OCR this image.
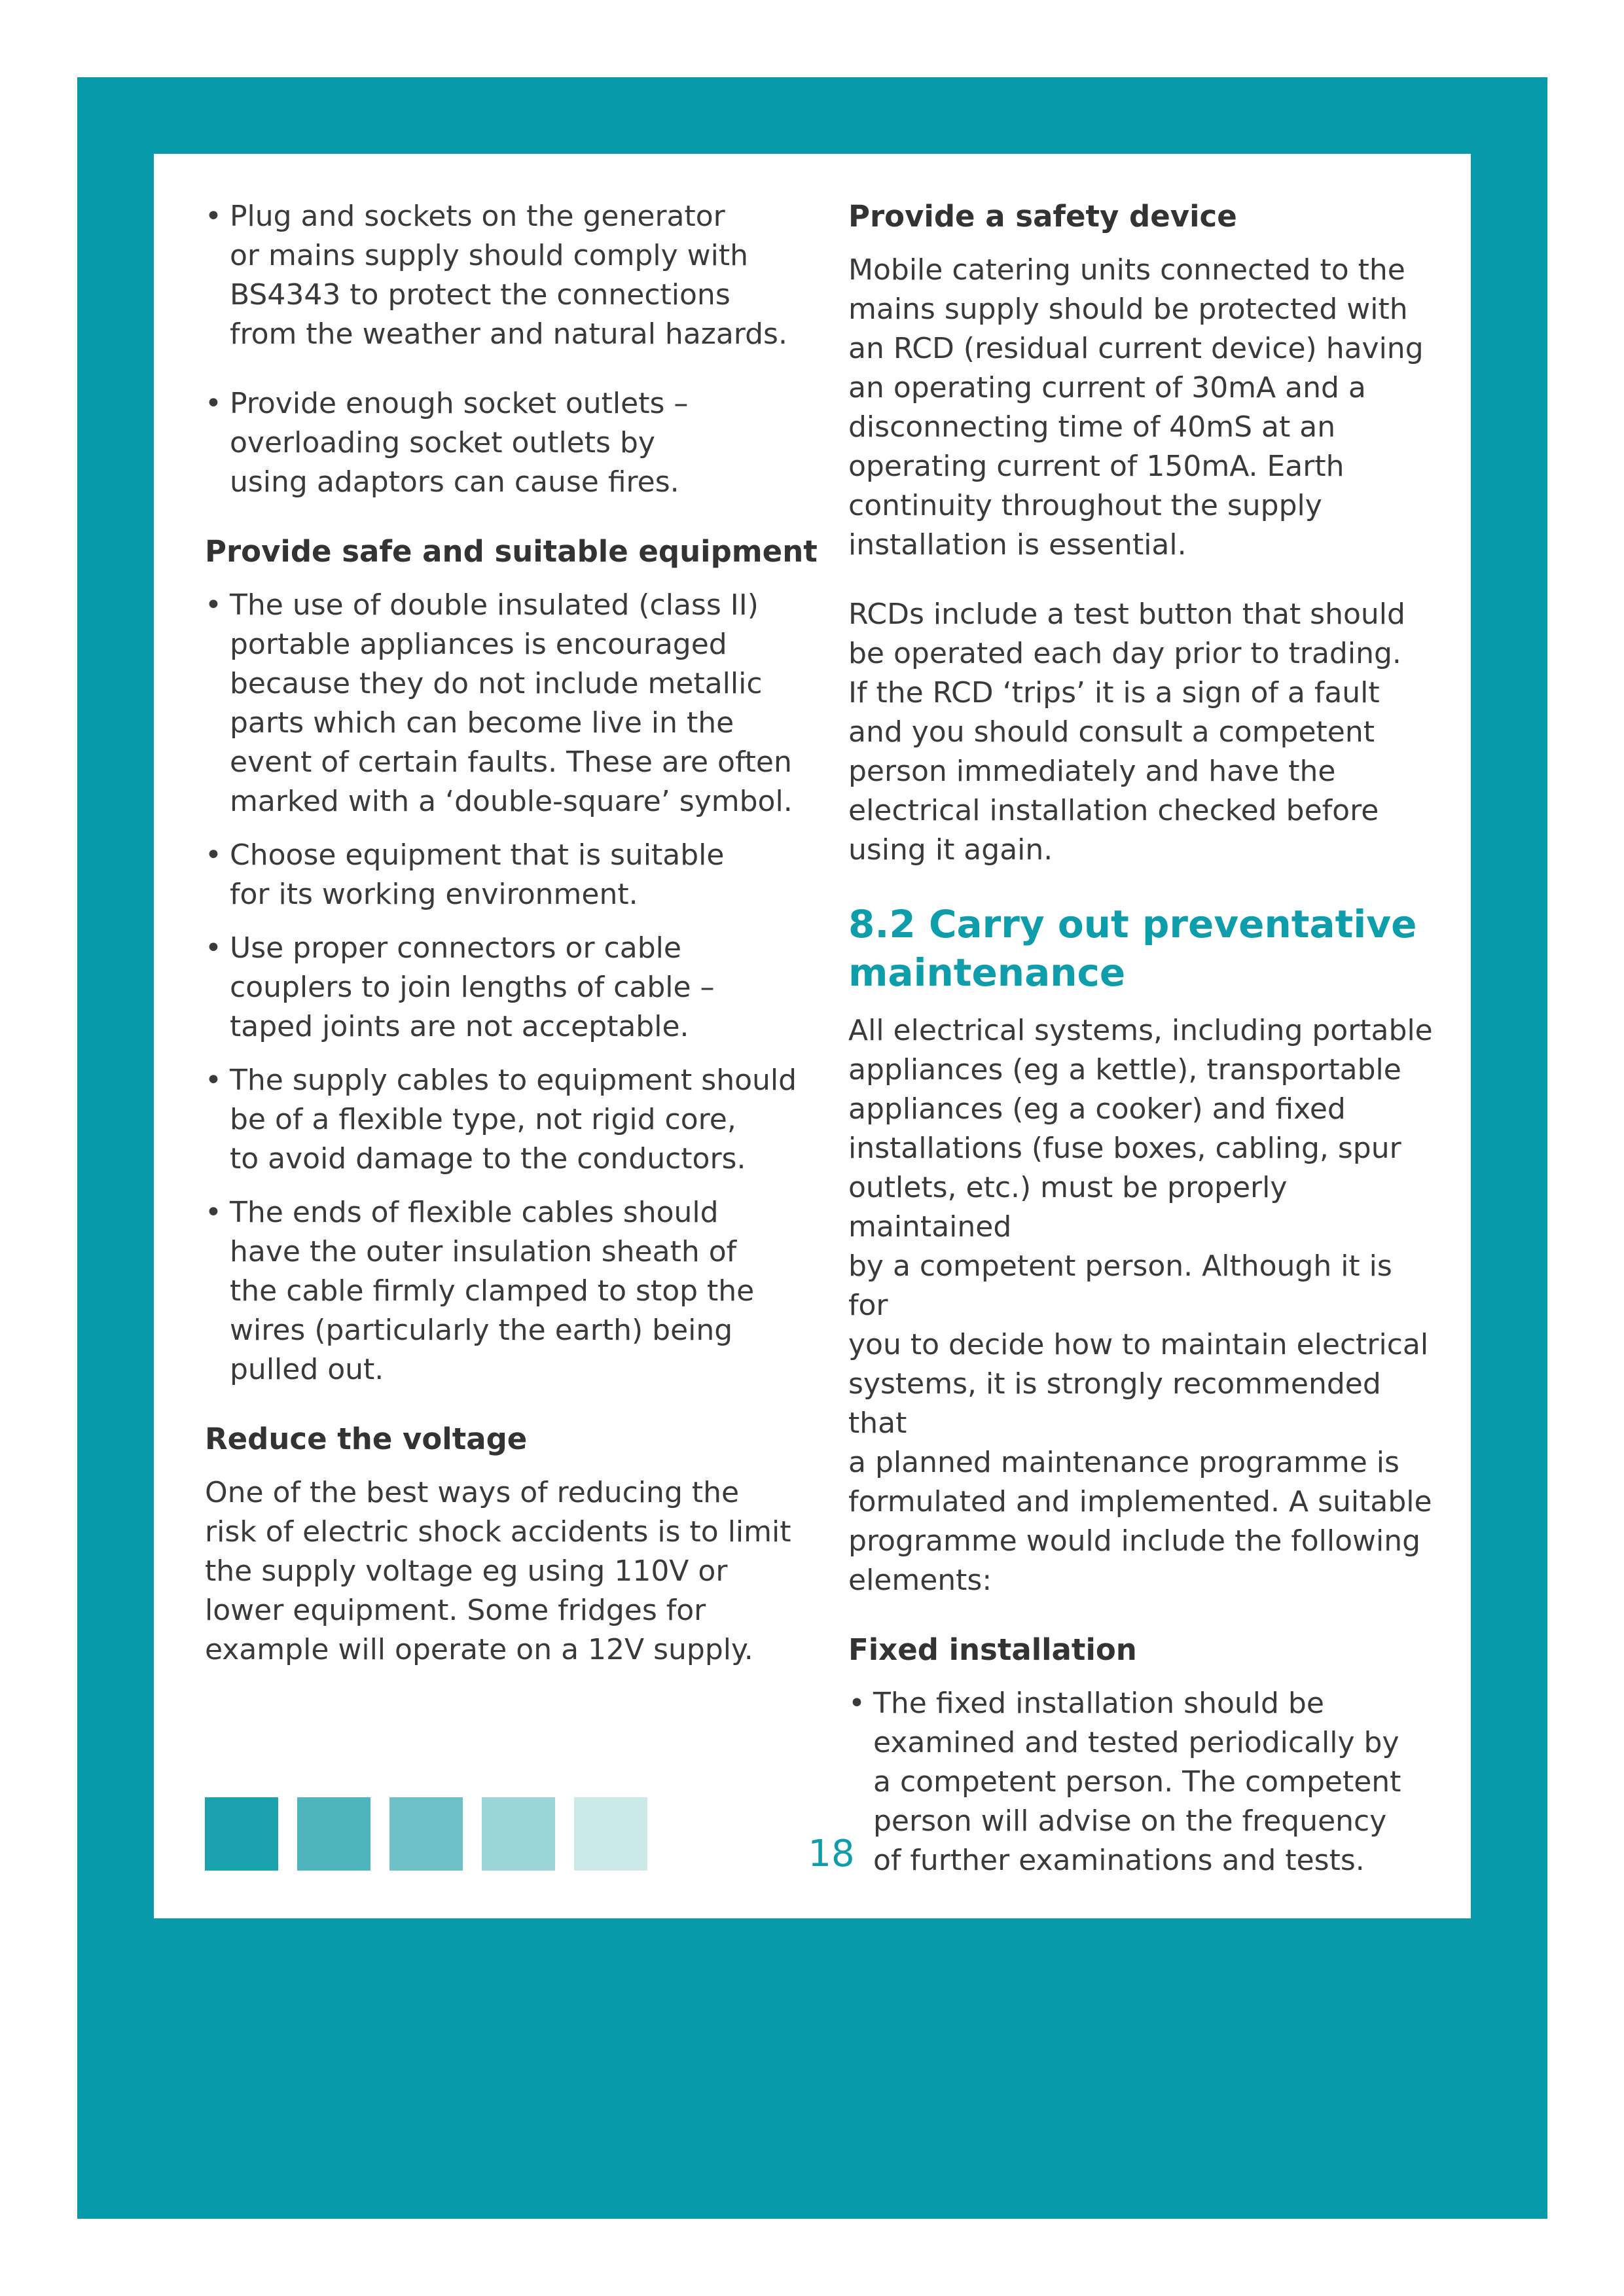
• Plug and sockets on the generator
or mains supply should comply with
BS4343 to protect the connections
from the weather and natural hazards.
• Provide enough socket outlets –
overloading socket outlets by
using adaptors can cause fires.
Provide safe and suitable equipment
• The use of double insulated (class II)
portable appliances is encouraged
because they do not include metallic
parts which can become live in the
event of certain faults. These are often
marked with a ‘double-square’ symbol.
• Choose equipment that is suitable
for its working environment.
• Use proper connectors or cable
couplers to join lengths of cable –
taped joints are not acceptable.
• The supply cables to equipment should
be of a flexible type, not rigid core,
to avoid damage to the conductors.
• The ends of flexible cables should
have the outer insulation sheath of
the cable firmly clamped to stop the
wires (particularly the earth) being
pulled out.
Reduce the voltage

One of the best ways of reducing the
risk of electric shock accidents is to limit
the supply voltage eg using 110V or
lower equipment. Some fridges for
example will operate on a 12V supply.

Provide a safety device

Mobile catering units connected to the
mains supply should be protected with
an RCD (residual current device) having
an operating current of 30mA and a
disconnecting time of 40mS at an
operating current of 150mA. Earth
continuity throughout the supply
installation is essential.

RCDs include a test button that should
be operated each day prior to trading.
If the RCD ‘trips’ it is a sign of a fault
and you should consult a competent
person immediately and have the
electrical installation checked before
using it again.

8.2 Carry out preventative
maintenance

All electrical systems, including portable
appliances (eg a kettle), transportable
appliances (eg a cooker) and fixed
installations (fuse boxes, cabling, spur
outlets, etc.) must be properly maintained
by a competent person. Although it is for
you to decide how to maintain electrical
systems, it is strongly recommended that
a planned maintenance programme is
formulated and implemented. A suitable
programme would include the following
elements:

Fixed installation
• The fixed installation should be
examined and tested periodically by
a competent person. The competent
person will advise on the frequency
of further examinations and tests.
18
